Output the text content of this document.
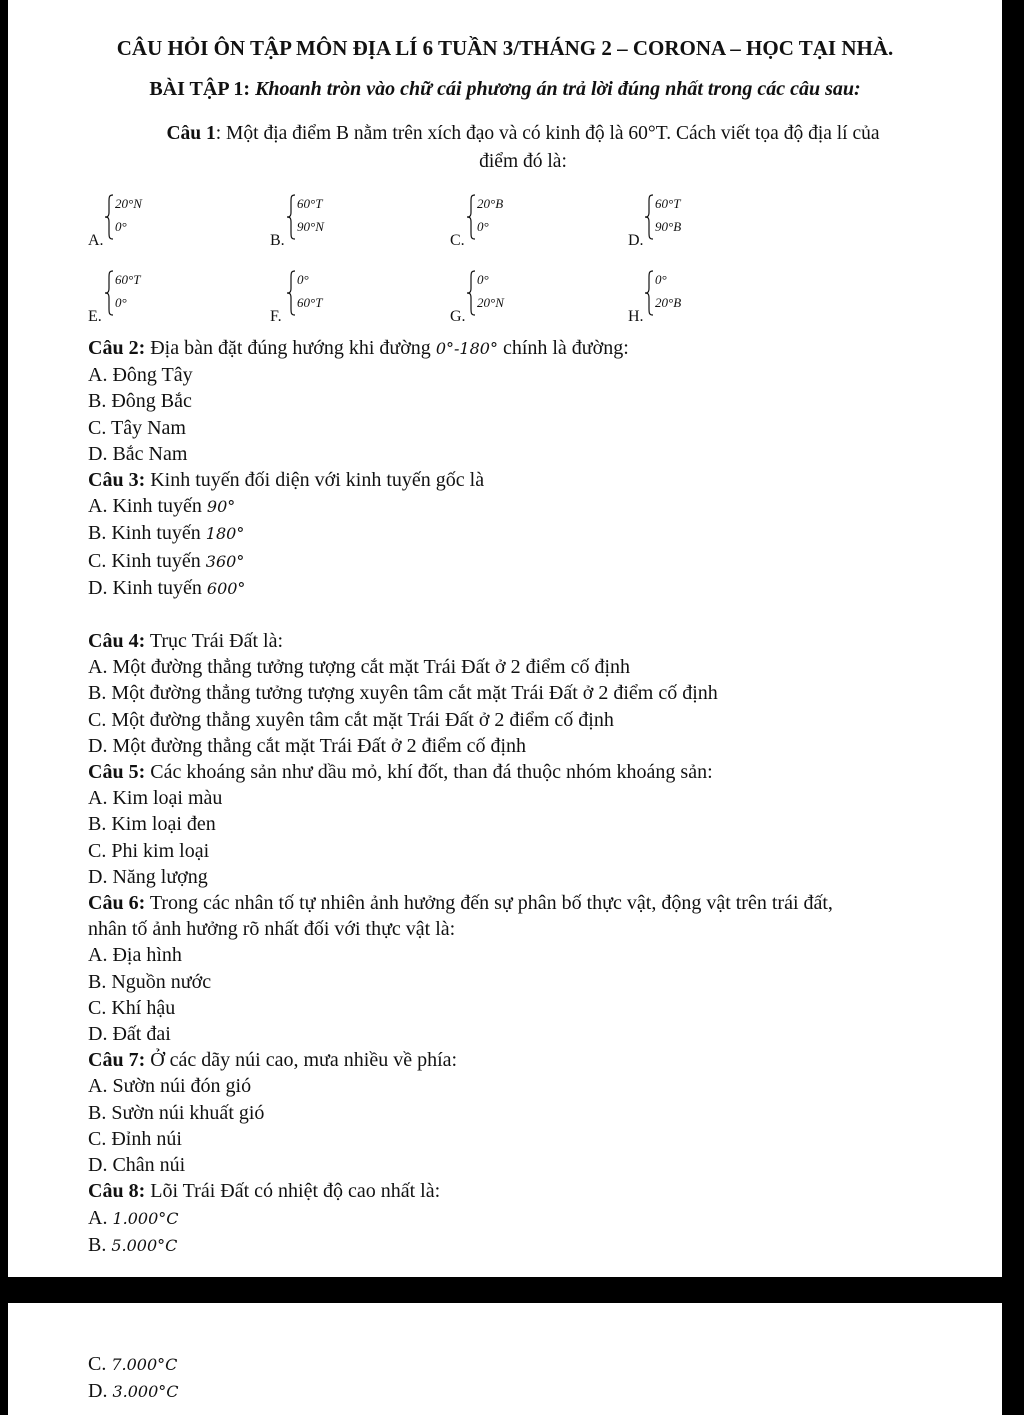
CÂU HỎI ÔN TẬP MÔN ĐỊA LÍ 6 TUẦN 3/THÁNG 2 – CORONA – HỌC TẠI NHÀ.

BÀI TẬP 1: Khoanh tròn vào chữ cái phương án trả lời đúng nhất trong các câu sau:

Câu 1: Một địa điểm B nằm trên xích đạo và có kinh độ là 60°T. Cách viết tọa độ địa lí của
điểm đó là:
A.
20°N
0°
B.
60°T
90°N
C.
20°B
0°
D.
60°T
90°B
E.
60°T
0°
F.
0°
60°T
G.
0°
20°N
H.
0°
20°B
Câu 2: Địa bàn đặt đúng hướng khi đường 0°-180° chính là đường:
A. Đông Tây
B. Đông Bắc
C. Tây Nam
D. Bắc Nam
Câu 3: Kinh tuyến đối diện với kinh tuyến gốc là
A. Kinh tuyến 90°
B. Kinh tuyến 180°
C. Kinh tuyến 360°
D. Kinh tuyến 600°
Câu 4: Trục Trái Đất là:
A. Một đường thẳng tưởng tượng cắt mặt Trái Đất ở 2 điểm cố định
B. Một đường thẳng tưởng tượng xuyên tâm cắt mặt Trái Đất ở 2 điểm cố định
C. Một đường thẳng xuyên tâm cắt mặt Trái Đất ở 2 điểm cố định
D. Một đường thẳng cắt mặt Trái Đất ở 2 điểm cố định
Câu 5: Các khoáng sản như dầu mỏ, khí đốt, than đá thuộc nhóm khoáng sản:
A. Kim loại màu
B. Kim loại đen
C. Phi kim loại
D. Năng lượng
Câu 6: Trong các nhân tố tự nhiên ảnh hưởng đến sự phân bố thực vật, động vật trên trái đất,
nhân tố ảnh hưởng rõ nhất đối với thực vật là:
A. Địa hình
B. Nguồn nước
C. Khí hậu
D. Đất đai
Câu 7: Ở các dãy núi cao, mưa nhiều về phía:
A. Sườn núi đón gió
B. Sườn núi khuất gió
C. Đỉnh núi
D. Chân núi
Câu 8: Lõi Trái Đất có nhiệt độ cao nhất là:
A. 1.000°C
B. 5.000°C
C. 7.000°C
D. 3.000°C
